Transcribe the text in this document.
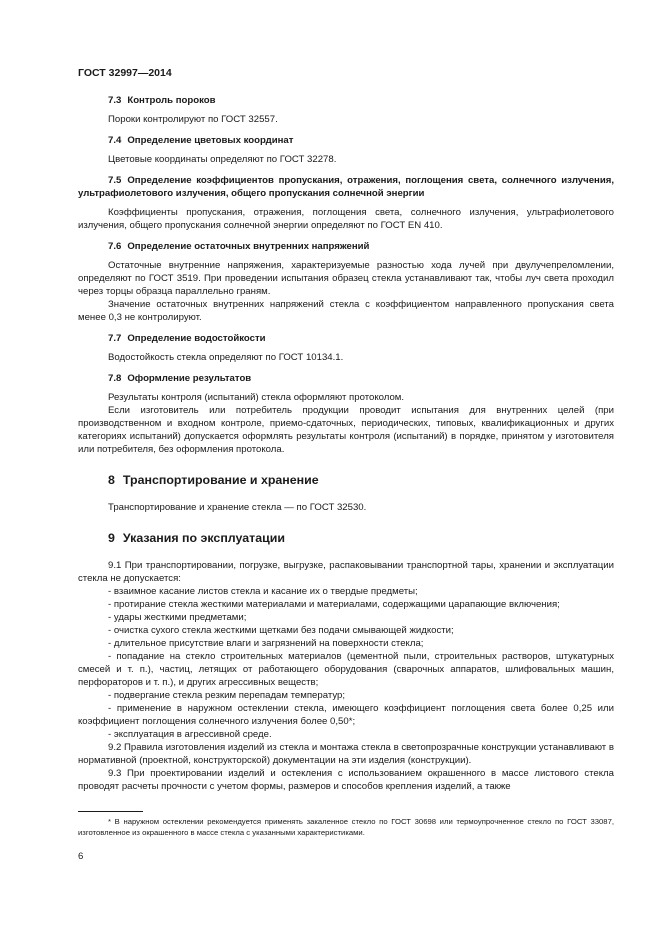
ГОСТ 32997—2014
7.3 Контроль пороков

Пороки контролируют по ГОСТ 32557.

7.4 Определение цветовых координат

Цветовые координаты определяют по ГОСТ 32278.

7.5 Определение коэффициентов пропускания, отражения, поглощения света, солнечного излучения, ультрафиолетового излучения, общего пропускания солнечной энергии

Коэффициенты пропускания, отражения, поглощения света, солнечного излучения, ультрафиолетового излучения, общего пропускания солнечной энергии определяют по ГОСТ EN 410.

7.6 Определение остаточных внутренних напряжений

Остаточные внутренние напряжения, характеризуемые разностью хода лучей при двулучепреломлении, определяют по ГОСТ 3519. При проведении испытания образец стекла устанавливают так, чтобы луч света проходил через торцы образца параллельно граням.

Значение остаточных внутренних напряжений стекла с коэффициентом направленного пропускания света менее 0,3 не контролируют.

7.7 Определение водостойкости

Водостойкость стекла определяют по ГОСТ 10134.1.

7.8 Оформление результатов

Результаты контроля (испытаний) стекла оформляют протоколом.

Если изготовитель или потребитель продукции проводит испытания для внутренних целей (при производственном и входном контроле, приемо-сдаточных, периодических, типовых, квалификационных и других категориях испытаний) допускается оформлять результаты контроля (испытаний) в порядке, принятом у изготовителя или потребителя, без оформления протокола.

8 Транспортирование и хранение

Транспортирование и хранение стекла — по ГОСТ 32530.

9 Указания по эксплуатации

9.1 При транспортировании, погрузке, выгрузке, распаковывании транспортной тары, хранении и эксплуатации стекла не допускается:

- взаимное касание листов стекла и касание их о твердые предметы;
- протирание стекла жесткими материалами и материалами, содержащими царапающие включения;
- удары жесткими предметами;
- очистка сухого стекла жесткими щетками без подачи смывающей жидкости;
- длительное присутствие влаги и загрязнений на поверхности стекла;
- попадание на стекло строительных материалов (цементной пыли, строительных растворов, штукатурных смесей и т. п.), частиц, летящих от работающего оборудования (сварочных аппаратов, шлифовальных машин, перфораторов и т. п.), и других агрессивных веществ;
- подвергание стекла резким перепадам температур;
- применение в наружном остеклении стекла, имеющего коэффициент поглощения света более 0,25 или коэффициент поглощения солнечного излучения более 0,50*;
- эксплуатация в агрессивной среде.

9.2 Правила изготовления изделий из стекла и монтажа стекла в светопрозрачные конструкции устанавливают в нормативной (проектной, конструкторской) документации на эти изделия (конструкции).

9.3 При проектировании изделий и остекления с использованием окрашенного в массе листового стекла проводят расчеты прочности с учетом формы, размеров и способов крепления изделий, а также

* В наружном остеклении рекомендуется применять закаленное стекло по ГОСТ 30698 или термоупрочненное стекло по ГОСТ 33087, изготовленное из окрашенного в массе стекла с указанными характеристиками.
6
